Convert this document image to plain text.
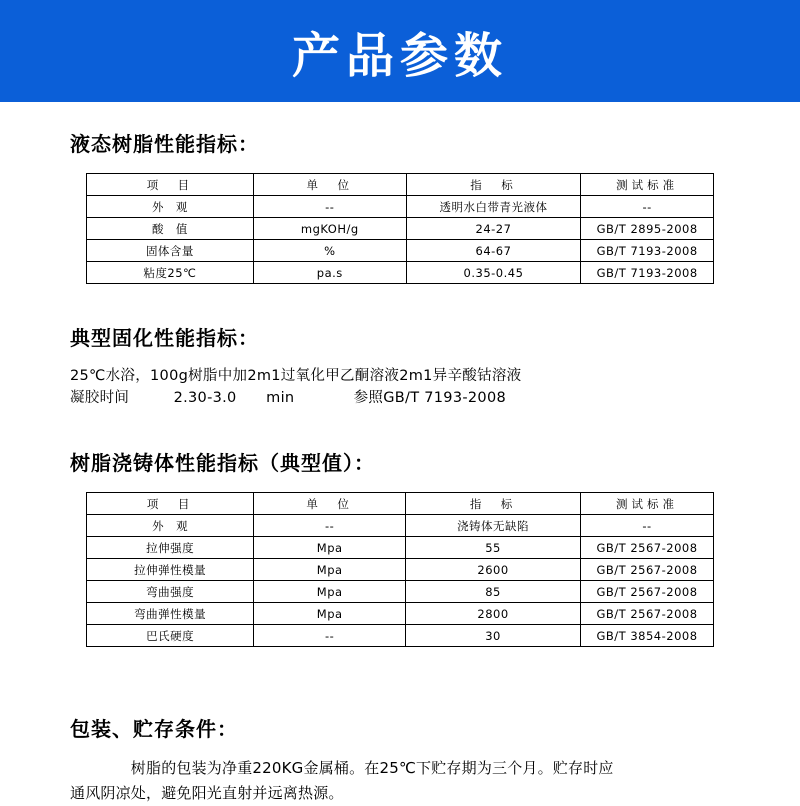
产品参数
液态树脂性能指标：
项　目	单　位	指　标	测试标准
外　观	--	透明水白带青光液体	--
酸　值	mgKOH/g	24-27	GB/T 2895-2008
固体含量	%	64-67	GB/T 7193-2008
粘度25℃	pa.s	0.35-0.45	GB/T 7193-2008
典型固化性能指标：
25℃水浴，100g树脂中加2m1过氧化甲乙酮溶液2m1异辛酸钴溶液
凝胶时间　　　2.30-3.0　　min　　　　参照GB/T 7193-2008
树脂浇铸体性能指标（典型值）：
项　目	单　位	指　标	测试标准
外　观	--	浇铸体无缺陷	--
拉伸强度	Mpa	55	GB/T 2567-2008
拉伸弹性模量	Mpa	2600	GB/T 2567-2008
弯曲强度	Mpa	85	GB/T 2567-2008
弯曲弹性模量	Mpa	2800	GB/T 2567-2008
巴氏硬度	--	30	GB/T 3854-2008
包装、贮存条件：
　　　　树脂的包装为净重220KG金属桶。在25℃下贮存期为三个月。贮存时应
通风阴凉处，避免阳光直射并远离热源。
